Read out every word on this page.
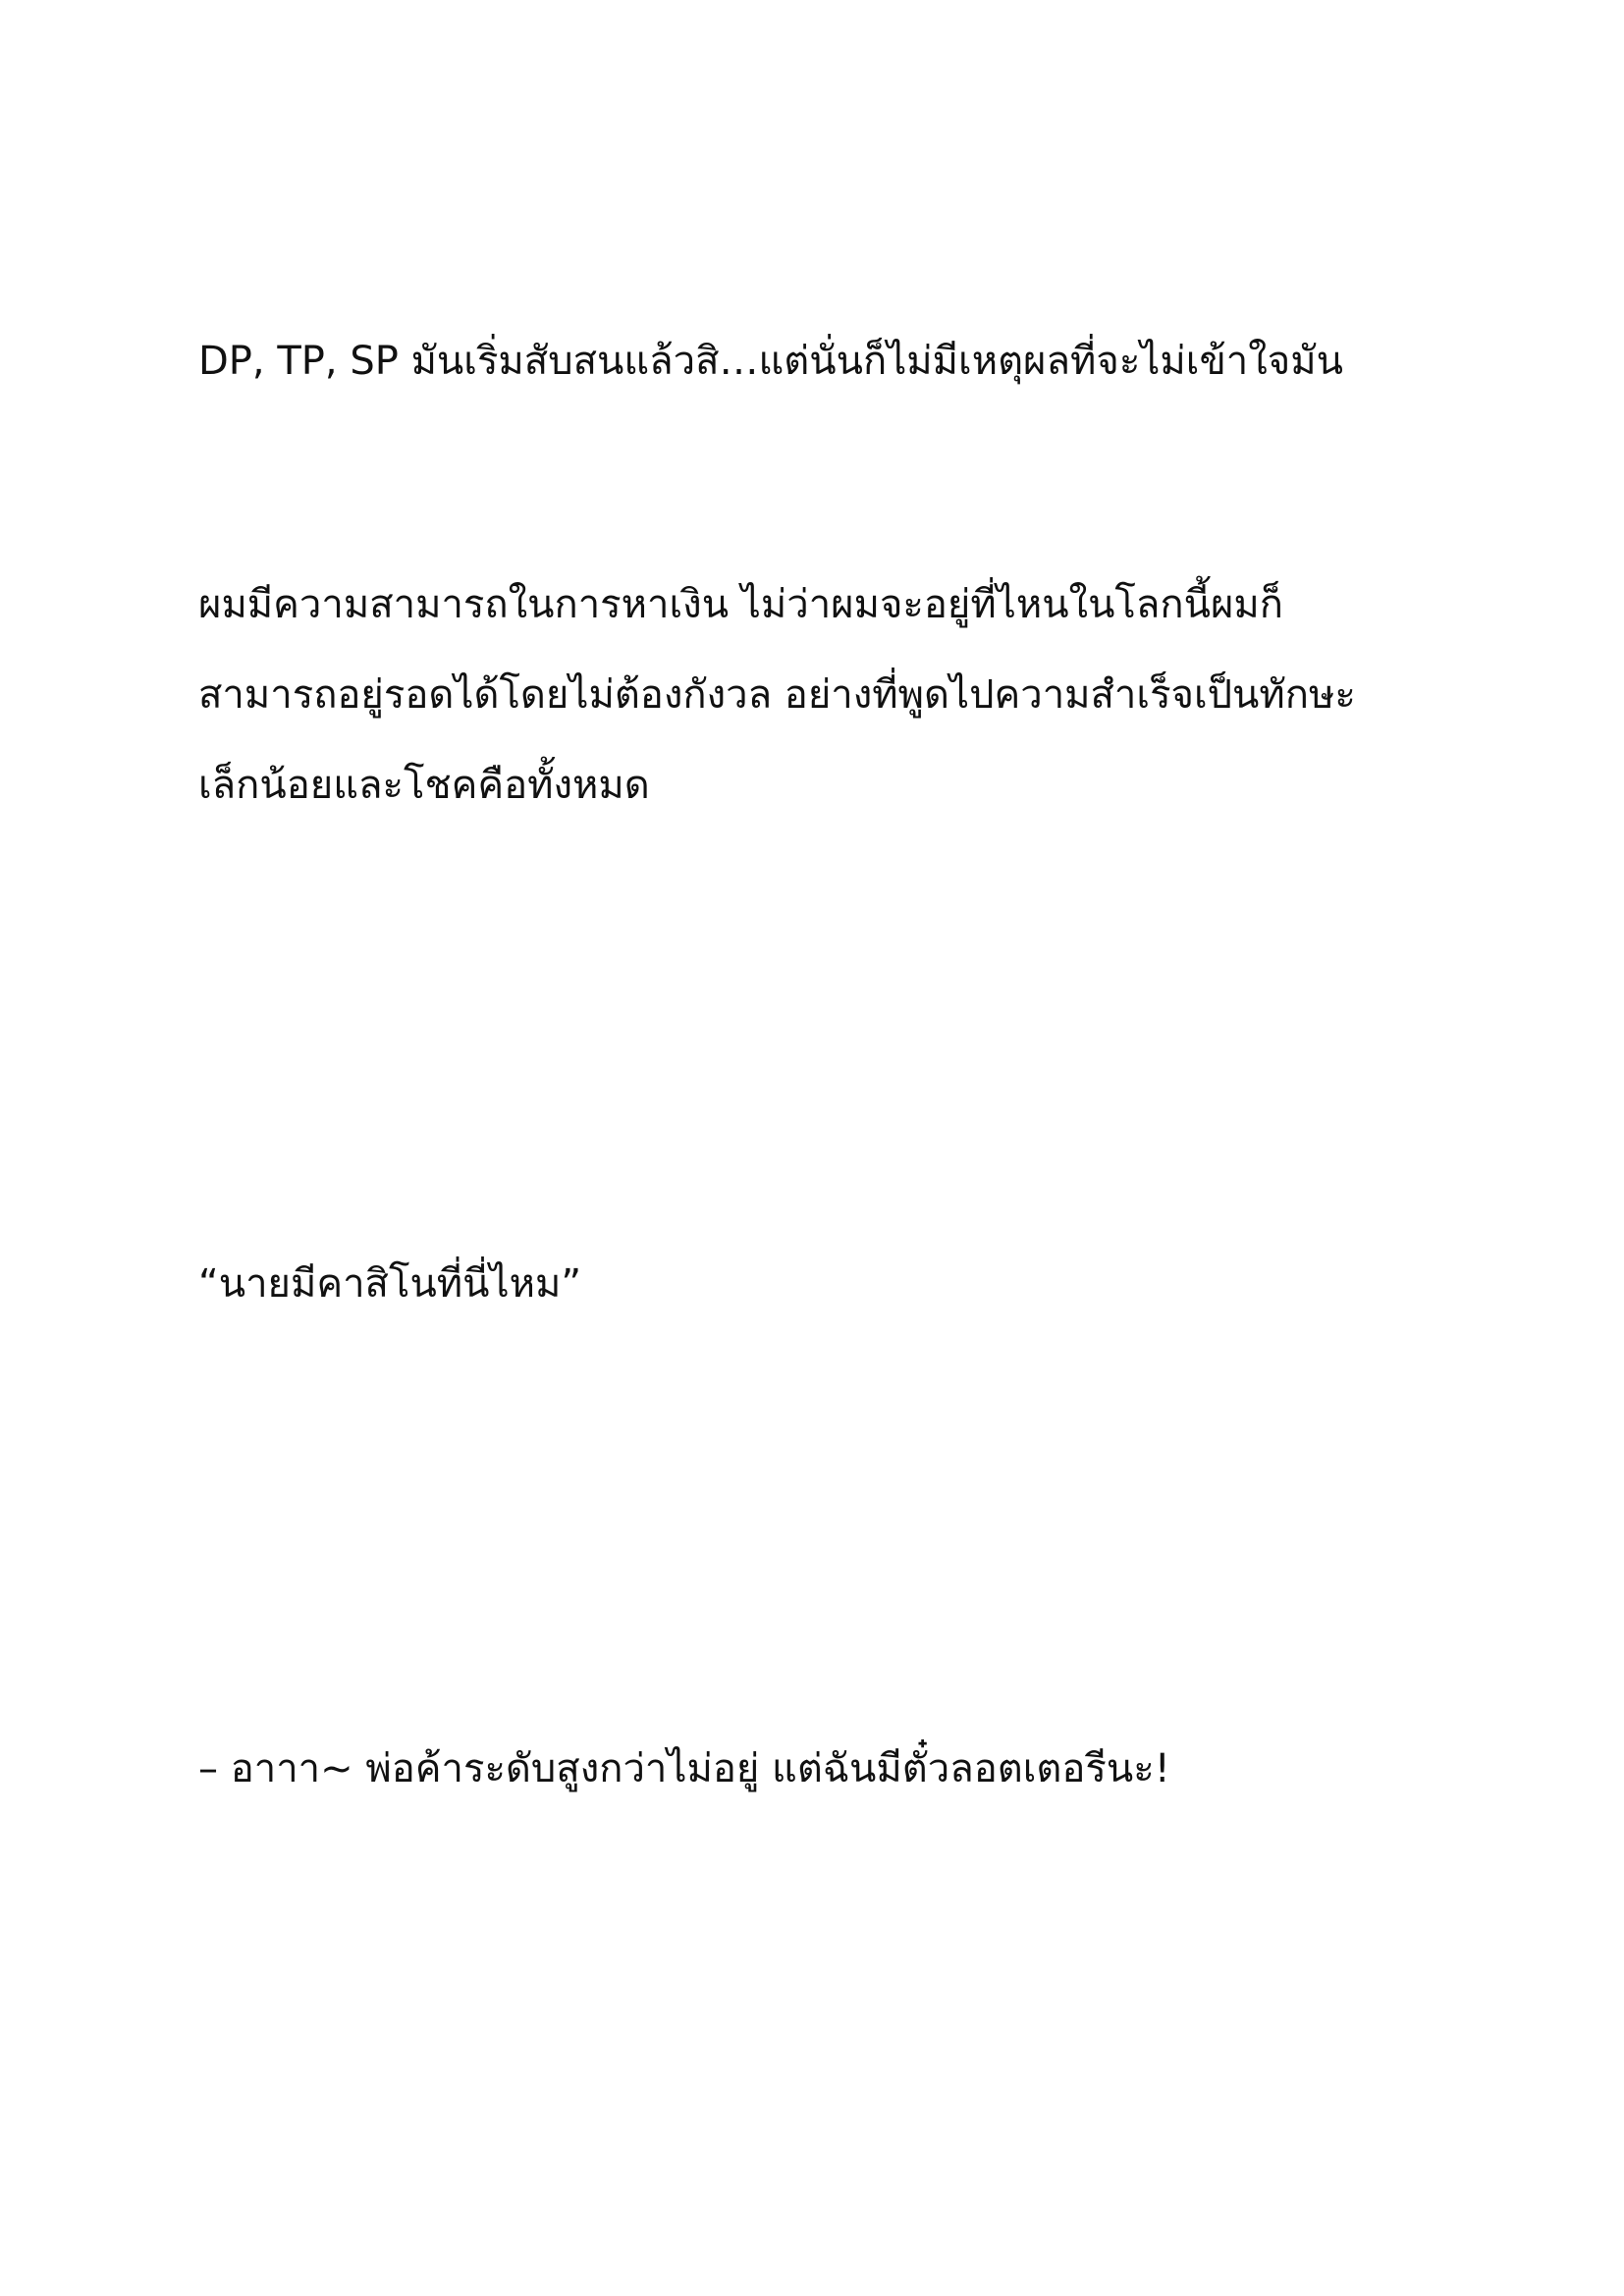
DP, TP, SP มันเริ่มสับสนแล้วสิ…แต่นั่นก็ไม่มีเหตุผลที่จะไม่เข้าใจมัน

ผมมีความสามารถในการหาเงิน ไม่ว่าผมจะอยู่ที่ไหนในโลกนี้ผมก็
สามารถอยู่รอดได้โดยไม่ต้องกังวล อย่างที่พูดไปความสำเร็จเป็นทักษะ
เล็กน้อยและโชคคือทั้งหมด

“นายมีคาสิโนที่นี่ไหม”

– อาาา~ พ่อค้าระดับสูงกว่าไม่อยู่ แต่ฉันมีตั๋วลอตเตอรีนะ!
